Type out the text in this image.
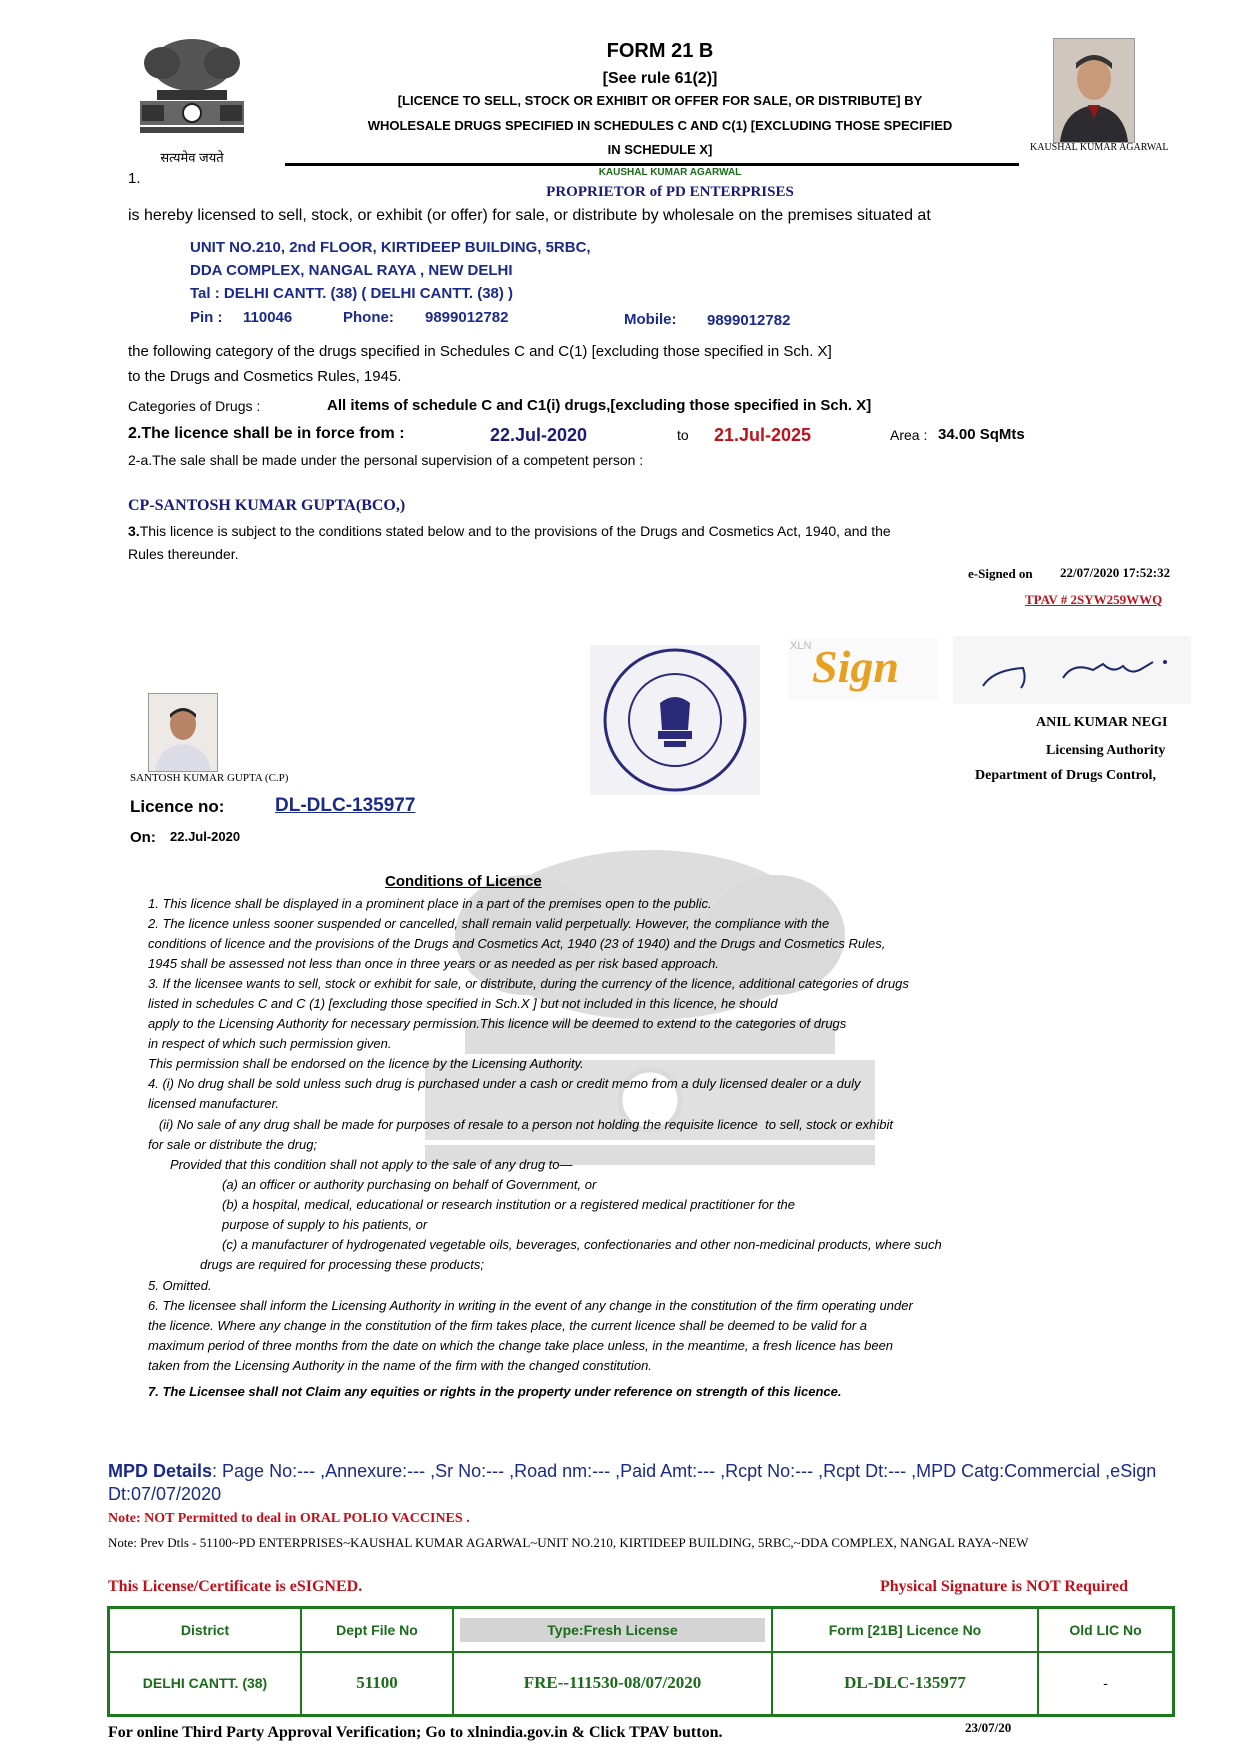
सत्यमेव जयते
FORM 21 B
[See rule 61(2)]
[LICENCE TO SELL, STOCK OR EXHIBIT OR OFFER FOR SALE, OR DISTRIBUTE] BY
WHOLESALE DRUGS SPECIFIED IN SCHEDULES C AND C(1) [EXCLUDING THOSE SPECIFIED
IN SCHEDULE X]	KAUSHAL KUMAR AGARWAL
1.	KAUSHAL KUMAR AGARWAL
PROPRIETOR of PD ENTERPRISES
is hereby licensed to sell, stock, or exhibit (or offer) for sale, or distribute by wholesale on the premises situated at
UNIT NO.210, 2nd FLOOR, KIRTIDEEP BUILDING, 5RBC,
DDA COMPLEX, NANGAL RAYA , NEW DELHI
Tal : DELHI CANTT. (38) ( DELHI CANTT. (38) )
Pin : 110046	Phone: 9899012782	Mobile: 9899012782
the following category of the drugs specified in Schedules C and C(1) [excluding those specified in Sch. X]
to the Drugs and Cosmetics Rules, 1945.
Categories of Drugs :	All items of schedule C and C1(i) drugs,[excluding those specified in Sch. X]
2.The licence shall be in force from :	22.Jul-2020	to 21.Jul-2025	Area : 34.00 SqMts
2-a.The sale shall be made under the personal supervision of a competent person :
CP-SANTOSH KUMAR GUPTA(BCO,)
3.This licence is subject to the conditions stated below and to the provisions of the Drugs and Cosmetics Act, 1940, and the
Rules thereunder.
e-Signed on 22/07/2020 17:52:32
TPAV # 2SYW259WWQ
XLN Sign
ANIL KUMAR NEGI
Licensing Authority
Department of Drugs Control,
SANTOSH KUMAR GUPTA (C.P)
Licence no:	DL-DLC-135977
On: 22.Jul-2020
Conditions of Licence

1. This licence shall be displayed in a prominent place in a part of the premises open to the public.

2. The licence unless sooner suspended or cancelled, shall remain valid perpetually. However, the compliance with the

conditions of licence and the provisions of the Drugs and Cosmetics Act, 1940 (23 of 1940) and the Drugs and Cosmetics Rules,

1945 shall be assessed not less than once in three years or as needed as per risk based approach.

3. If the licensee wants to sell, stock or exhibit for sale, or distribute, during the currency of the licence, additional categories of drugs

listed in schedules C and C (1) [excluding those specified in Sch.X ] but not included in this licence, he should

apply to the Licensing Authority for necessary permission.This licence will be deemed to extend to the categories of drugs

in respect of which such permission given.

This permission shall be endorsed on the licence by the Licensing Authority.

4. (i) No drug shall be sold unless such drug is purchased under a cash or credit memo from a duly licensed dealer or a duly

licensed manufacturer.

(ii) No sale of any drug shall be made for purposes of resale to a person not holding the requisite licence  to sell, stock or exhibit

for sale or distribute the drug;

Provided that this condition shall not apply to the sale of any drug to—

(a) an officer or authority purchasing on behalf of Government, or

(b) a hospital, medical, educational or research institution or a registered medical practitioner for the

purpose of supply to his patients, or

(c) a manufacturer of hydrogenated vegetable oils, beverages, confectionaries and other non-medicinal products, where such

drugs are required for processing these products;

5. Omitted.

6. The licensee shall inform the Licensing Authority in writing in the event of any change in the constitution of the firm operating under

the licence. Where any change in the constitution of the firm takes place, the current licence shall be deemed to be valid for a

maximum period of three months from the date on which the change take place unless, in the meantime, a fresh licence has been

taken from the Licensing Authority in the name of the firm with the changed constitution.

7. The Licensee shall not Claim any equities or rights in the property under reference on strength of this licence.

MPD Details: Page No:--- ,Annexure:--- ,Sr No:--- ,Road nm:--- ,Paid Amt:--- ,Rcpt No:--- ,Rcpt Dt:--- ,MPD Catg:Commercial ,eSign
Dt:07/07/2020
Note: NOT Permitted to deal in ORAL POLIO VACCINES .
Note: Prev Dtls - 51100~PD ENTERPRISES~KAUSHAL KUMAR AGARWAL~UNIT NO.210, KIRTIDEEP BUILDING, 5RBC,~DDA COMPLEX, NANGAL RAYA~NEW
This License/Certificate is eSIGNED.	Physical Signature is NOT Required
District	Dept File No	Type:Fresh License	Form [21B] Licence No	Old LIC No
DELHI CANTT. (38)	51100	FRE--111530-08/07/2020	DL-DLC-135977	-
For online Third Party Approval Verification; Go to xlnindia.gov.in & Click TPAV button.	23/07/20
